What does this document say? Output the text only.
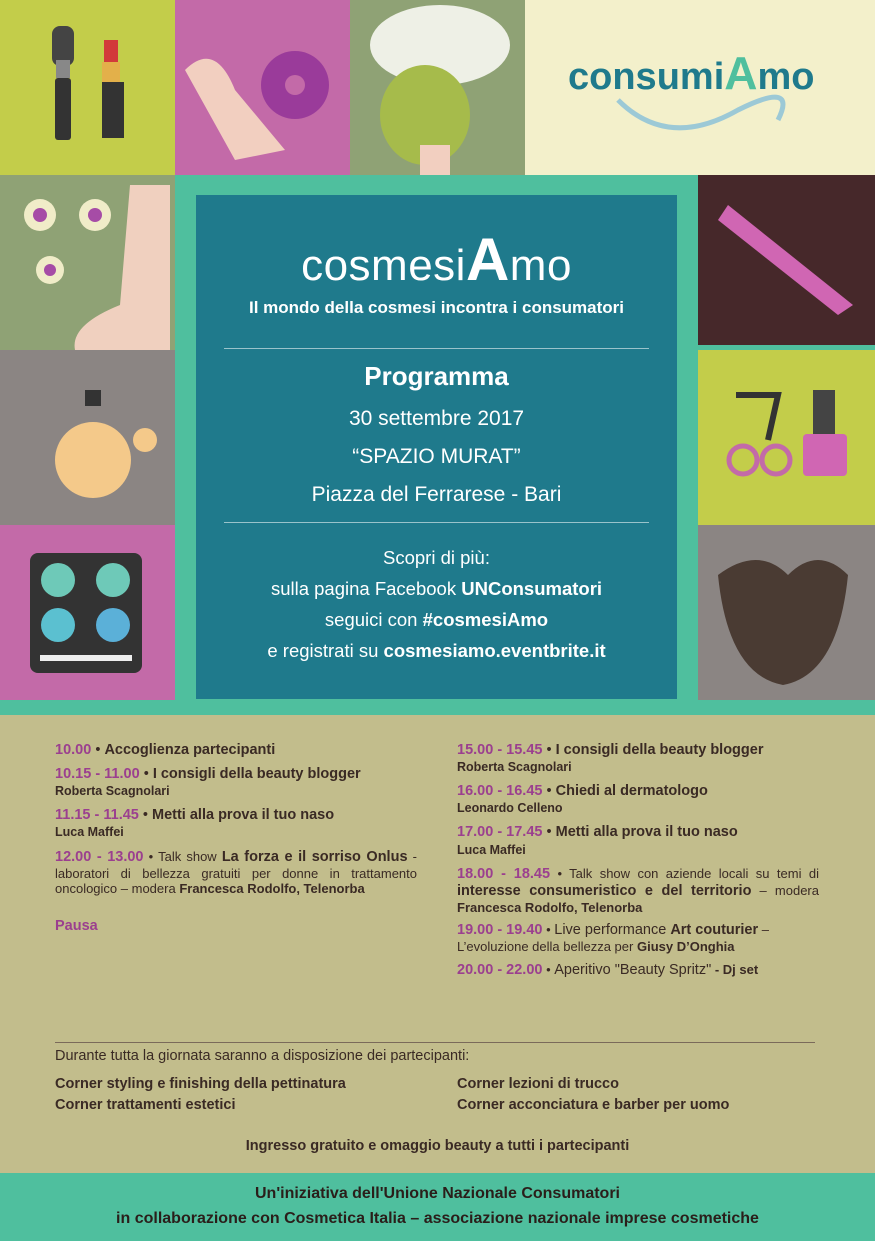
consumiAmo
cosmesiAmo
Il mondo della cosmesi incontra i consumatori
Programma
30 settembre 2017
“SPAZIO MURAT”
Piazza del Ferrarese - Bari
Scopri di più:
sulla pagina Facebook UNConsumatori
seguici con #cosmesiAmo
e registrati su cosmesiamo.eventbrite.it
10.00 • Accoglienza partecipanti
10.15 - 11.00 • I consigli della beauty blogger
Roberta Scagnolari
11.15 - 11.45 • Metti alla prova il tuo naso
Luca Maffei
12.00 - 13.00 • Talk show La forza e il sorriso Onlus - laboratori di bellezza gratuiti per donne in trattamento oncologico – modera Francesca Rodolfo, Telenorba
Pausa
15.00 - 15.45 • I consigli della beauty blogger
Roberta Scagnolari
16.00 - 16.45 • Chiedi al dermatologo
Leonardo Celleno
17.00 - 17.45 • Metti alla prova il tuo naso
Luca Maffei
18.00 - 18.45 • Talk show con aziende locali su temi di interesse consumeristico e del territorio – modera Francesca Rodolfo, Telenorba
19.00 - 19.40 • Live performance Art couturier – L’evoluzione della bellezza per Giusy D’Onghia
20.00 - 22.00 • Aperitivo "Beauty Spritz" - Dj set
Durante tutta la giornata saranno a disposizione dei partecipanti:
Corner styling e finishing della pettinatura
Corner trattamenti estetici
Corner lezioni di trucco
Corner acconciatura e barber per uomo
Ingresso gratuito e omaggio beauty a tutti i partecipanti
Un'iniziativa dell'Unione Nazionale Consumatori
in collaborazione con Cosmetica Italia – associazione nazionale imprese cosmetiche
